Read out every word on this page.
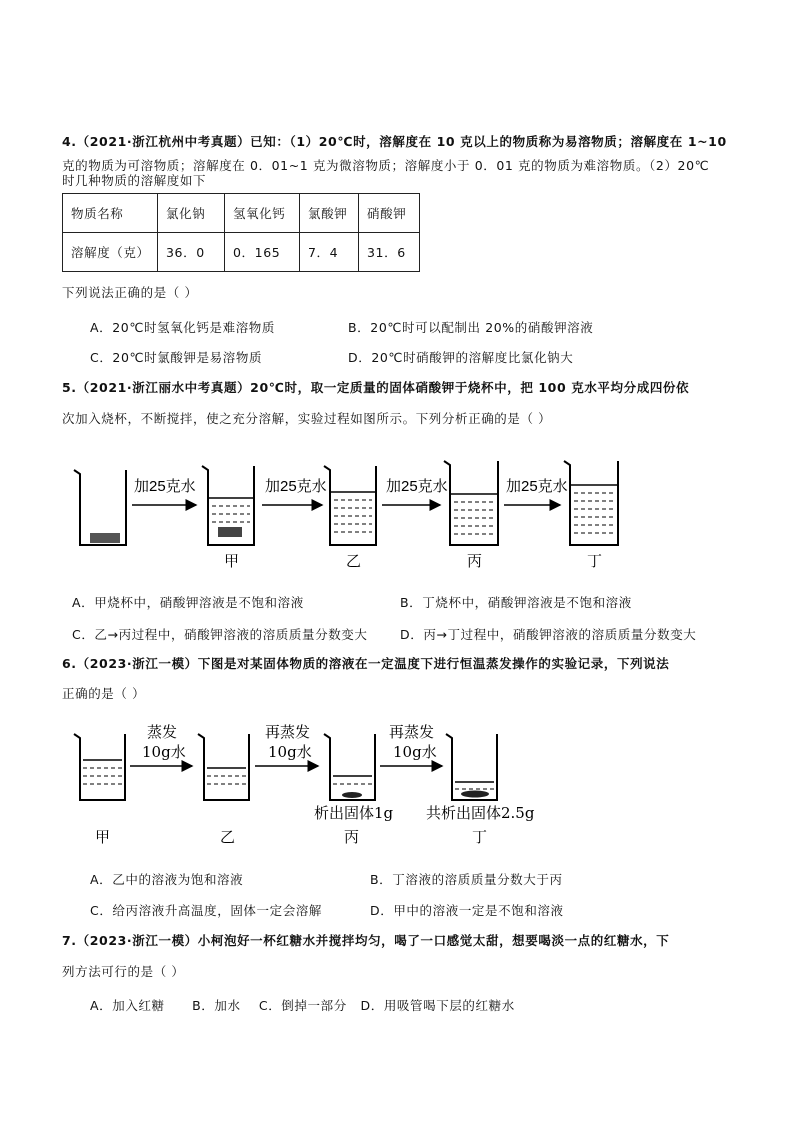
4.（2021·浙江杭州中考真题）已知：（1）20℃时，溶解度在 10 克以上的物质称为易溶物质；溶解度在 1~10
克的物质为可溶物质；溶解度在 0．01~1 克为微溶物质；溶解度小于 0．01 克的物质为难溶物质。（2）20℃
时几种物质的溶解度如下
物质名称	氯化钠	氢氧化钙	氯酸钾	硝酸钾
溶解度（克）	36．0	0．165	7．4	31．6
下列说法正确的是（ ）
A．20℃时氢氧化钙是难溶物质	B．20℃时可以配制出 20%的硝酸钾溶液
C．20℃时氯酸钾是易溶物质	D．20℃时硝酸钾的溶解度比氯化钠大
5.（2021·浙江丽水中考真题）20℃时，取一定质量的固体硝酸钾于烧杯中，把 100 克水平均分成四份依
次加入烧杯，不断搅拌，使之充分溶解，实验过程如图所示。下列分析正确的是（ ）
加25克水	加25克水	加25克水	加25克水
甲	乙	丙	丁
A．甲烧杯中，硝酸钾溶液是不饱和溶液	B．丁烧杯中，硝酸钾溶液是不饱和溶液
C．乙→丙过程中，硝酸钾溶液的溶质质量分数变大	D．丙→丁过程中，硝酸钾溶液的溶质质量分数变大
6.（2023·浙江一模）下图是对某固体物质的溶液在一定温度下进行恒温蒸发操作的实验记录，下列说法
正确的是（ ）
蒸发
10g水
再蒸发
10g水
再蒸发
10g水
析出固体1g 共析出固体2.5g
甲	乙	丙	丁
A．乙中的溶液为饱和溶液	B．丁溶液的溶质质量分数大于丙
C．给丙溶液升高温度，固体一定会溶解	D．甲中的溶液一定是不饱和溶液
7.（2023·浙江一模）小柯泡好一杯红糖水并搅拌均匀，喝了一口感觉太甜，想要喝淡一点的红糖水，下
列方法可行的是（ ）
A．加入红糖      B．加水    C．倒掉一部分   D．用吸管喝下层的红糖水
